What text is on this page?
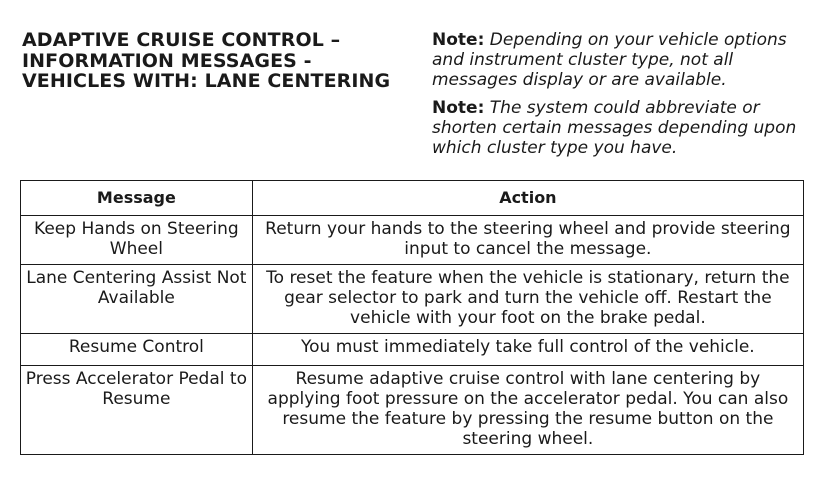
ADAPTIVE CRUISE CONTROL – INFORMATION MESSAGES - VEHICLES WITH: LANE CENTERING

Note: Depending on your vehicle options and instrument cluster type, not all messages display or are available.

Note: The system could abbreviate or shorten certain messages depending upon which cluster type you have.

Message	Action
Keep Hands on Steering Wheel	Return your hands to the steering wheel and provide steering input to cancel the message.
Lane Centering Assist Not Available	To reset the feature when the vehicle is stationary, return the gear selector to park and turn the vehicle off. Restart the vehicle with your foot on the brake pedal.
Resume Control	You must immediately take full control of the vehicle.
Press Accelerator Pedal to Resume	Resume adaptive cruise control with lane centering by applying foot pressure on the accelerator pedal. You can also resume the feature by pressing the resume button on the steering wheel.
